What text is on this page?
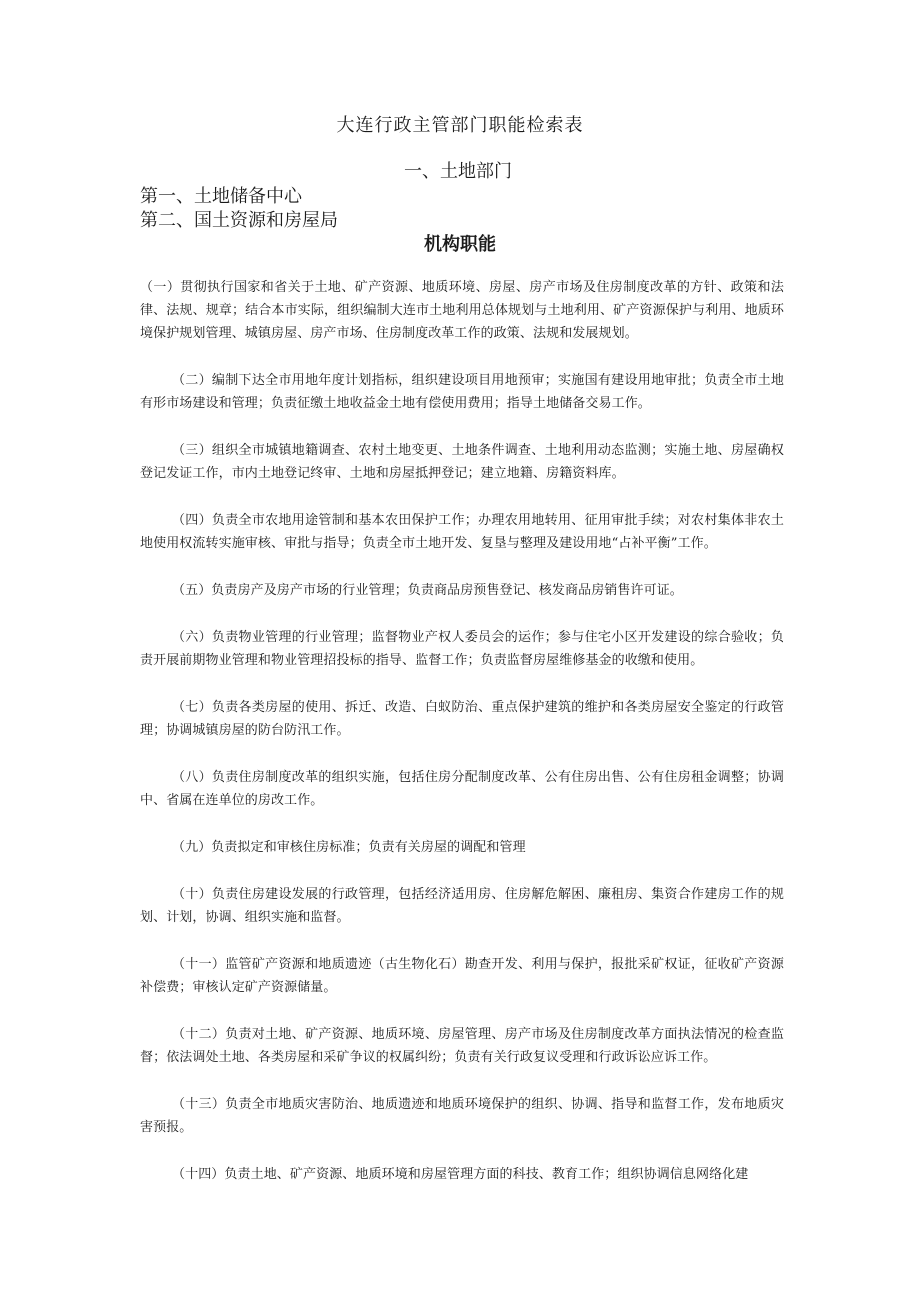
大连行政主管部门职能检索表
一、土地部门
第一、土地储备中心
第二、国土资源和房屋局
机构职能

（一）贯彻执行国家和省关于土地、矿产资源、地质环境、房屋、房产市场及住房制度改革的方针、政策和法律、法规、规章；结合本市实际，组织编制大连市土地利用总体规划与土地利用、矿产资源保护与利用、地质环境保护规划管理、城镇房屋、房产市场、住房制度改革工作的政策、法规和发展规划。

（二）编制下达全市用地年度计划指标，组织建设项目用地预审；实施国有建设用地审批；负责全市土地有形市场建设和管理；负责征缴土地收益金土地有偿使用费用；指导土地储备交易工作。

（三）组织全市城镇地籍调查、农村土地变更、土地条件调查、土地利用动态监测；实施土地、房屋确权登记发证工作，市内土地登记终审、土地和房屋抵押登记；建立地籍、房籍资料库。

（四）负责全市农地用途管制和基本农田保护工作；办理农用地转用、征用审批手续；对农村集体非农土地使用权流转实施审核、审批与指导；负责全市土地开发、复垦与整理及建设用地“占补平衡”工作。

（五）负责房产及房产市场的行业管理；负责商品房预售登记、核发商品房销售许可证。

（六）负责物业管理的行业管理；监督物业产权人委员会的运作；参与住宅小区开发建设的综合验收；负责开展前期物业管理和物业管理招投标的指导、监督工作；负责监督房屋维修基金的收缴和使用。

（七）负责各类房屋的使用、拆迁、改造、白蚁防治、重点保护建筑的维护和各类房屋安全鉴定的行政管理；协调城镇房屋的防台防汛工作。

（八）负责住房制度改革的组织实施，包括住房分配制度改革、公有住房出售、公有住房租金调整；协调中、省属在连单位的房改工作。

（九）负责拟定和审核住房标准；负责有关房屋的调配和管理

（十）负责住房建设发展的行政管理，包括经济适用房、住房解危解困、廉租房、集资合作建房工作的规划、计划，协调、组织实施和监督。

（十一）监管矿产资源和地质遗迹（古生物化石）勘查开发、利用与保护，报批采矿权证，征收矿产资源补偿费；审核认定矿产资源储量。

（十二）负责对土地、矿产资源、地质环境、房屋管理、房产市场及住房制度改革方面执法情况的检查监督；依法调处土地、各类房屋和采矿争议的权属纠纷；负责有关行政复议受理和行政诉讼应诉工作。

（十三）负责全市地质灾害防治、地质遗迹和地质环境保护的组织、协调、指导和监督工作，发布地质灾害预报。

（十四）负责土地、矿产资源、地质环境和房屋管理方面的科技、教育工作；组织协调信息网络化建
